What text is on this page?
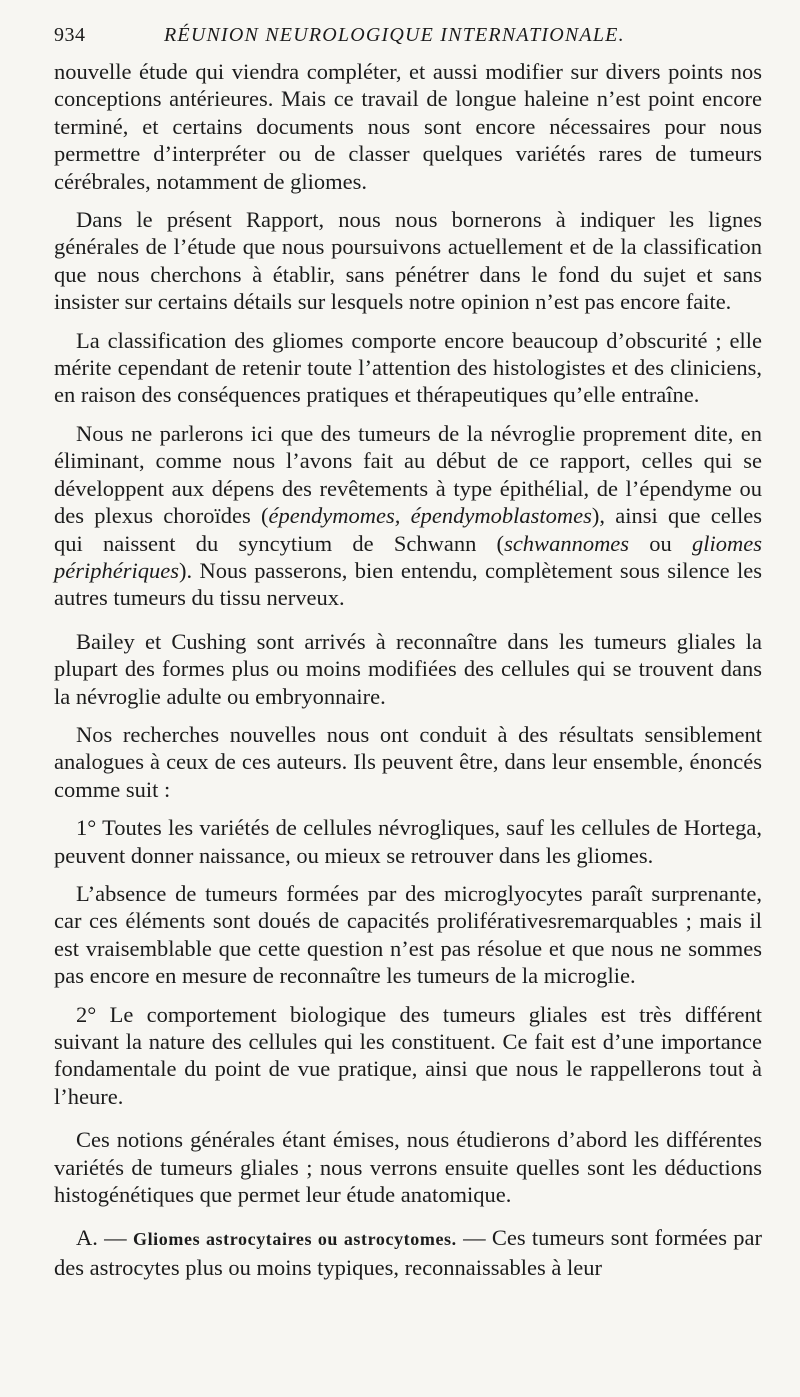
934	RÉUNION NEUROLOGIQUE INTERNATIONALE.

nouvelle étude qui viendra compléter, et aussi modifier sur divers points nos conceptions antérieures. Mais ce travail de longue haleine n’est point encore terminé, et certains documents nous sont encore nécessaires pour nous permettre d’interpréter ou de classer quelques variétés rares de tumeurs cérébrales, notamment de gliomes.

Dans le présent Rapport, nous nous bornerons à indiquer les lignes générales de l’étude que nous poursuivons actuellement et de la classification que nous cherchons à établir, sans pénétrer dans le fond du sujet et sans insister sur certains détails sur lesquels notre opinion n’est pas encore faite.

La classification des gliomes comporte encore beaucoup d’obscurité ; elle mérite cependant de retenir toute l’attention des histologistes et des cliniciens, en raison des conséquences pratiques et thérapeutiques qu’elle entraîne.

Nous ne parlerons ici que des tumeurs de la névroglie proprement dite, en éliminant, comme nous l’avons fait au début de ce rapport, celles qui se développent aux dépens des revêtements à type épithélial, de l’épendyme ou des plexus choroïdes (épendymomes, épendymoblastomes), ainsi que celles qui naissent du syncytium de Schwann (schwannomes ou gliomes périphériques). Nous passerons, bien entendu, complètement sous silence les autres tumeurs du tissu nerveux.

Bailey et Cushing sont arrivés à reconnaître dans les tumeurs gliales la plupart des formes plus ou moins modifiées des cellules qui se trouvent dans la névroglie adulte ou embryonnaire.

Nos recherches nouvelles nous ont conduit à des résultats sensiblement analogues à ceux de ces auteurs. Ils peuvent être, dans leur ensemble, énoncés comme suit :

1° Toutes les variétés de cellules névrogliques, sauf les cellules de Hortega, peuvent donner naissance, ou mieux se retrouver dans les gliomes.

L’absence de tumeurs formées par des microglyocytes paraît surprenante, car ces éléments sont doués de capacités proliférativesremarquables ; mais il est vraisemblable que cette question n’est pas résolue et que nous ne sommes pas encore en mesure de reconnaître les tumeurs de la microglie.

2° Le comportement biologique des tumeurs gliales est très différent suivant la nature des cellules qui les constituent. Ce fait est d’une importance fondamentale du point de vue pratique, ainsi que nous le rappellerons tout à l’heure.

Ces notions générales étant émises, nous étudierons d’abord les différentes variétés de tumeurs gliales ; nous verrons ensuite quelles sont les déductions histogénétiques que permet leur étude anatomique.

A. — Gliomes astrocytaires ou astrocytomes. — Ces tumeurs sont formées par des astrocytes plus ou moins typiques, reconnaissables à leur
